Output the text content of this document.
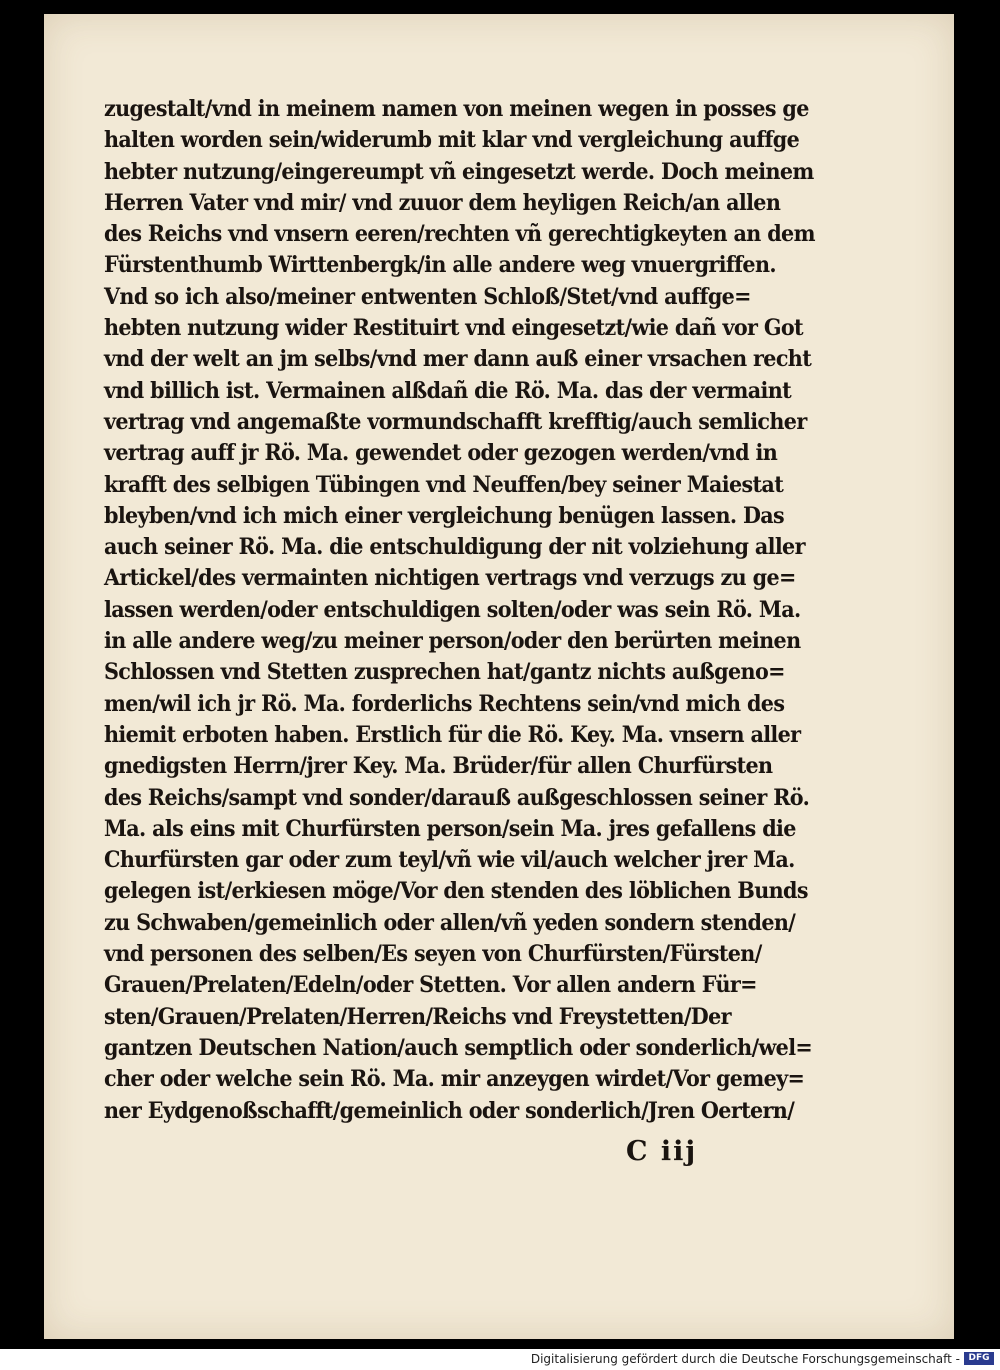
zugestalt/vnd in meinem namen von meinen wegen in posses ge
halten worden sein/widerumb mit klar vnd vergleichung auffge
hebter nutzung/eingereumpt vñ eingesetzt werde. Doch meinem
Herren Vater vnd mir/ vnd zuuor dem heyligen Reich/an allen
des Reichs vnd vnsern eeren/rechten vñ gerechtigkeyten an dem
Fürstenthumb Wirttenbergk/in alle andere weg vnuergriffen.
Vnd so ich also/meiner entwenten Schloß/Stet/vnd auffge=
hebten nutzung wider Restituirt vnd eingesetzt/wie dañ vor Got
vnd der welt an jm selbs/vnd mer dann auß einer vrsachen recht
vnd billich ist. Vermainen alßdañ die Rö. Ma. das der vermaint
vertrag vnd angemaßte vormundschafft krefftig/auch semlicher
vertrag auff jr Rö. Ma. gewendet oder gezogen werden/vnd in
krafft des selbigen Tübingen vnd Neuffen/bey seiner Maiestat
bleyben/vnd ich mich einer vergleichung benügen lassen. Das
auch seiner Rö. Ma. die entschuldigung der nit volziehung aller
Artickel/des vermainten nichtigen vertrags vnd verzugs zu ge=
lassen werden/oder entschuldigen solten/oder was sein Rö. Ma.
in alle andere weg/zu meiner person/oder den berürten meinen
Schlossen vnd Stetten zusprechen hat/gantz nichts außgeno=
men/wil ich jr Rö. Ma. forderlichs Rechtens sein/vnd mich des
hiemit erboten haben. Erstlich für die Rö. Key. Ma. vnsern aller
gnedigsten Herrn/jrer Key. Ma. Brüder/für allen Churfürsten
des Reichs/sampt vnd sonder/darauß außgeschlossen seiner Rö.
Ma. als eins mit Churfürsten person/sein Ma. jres gefallens die
Churfürsten gar oder zum teyl/vñ wie vil/auch welcher jrer Ma.
gelegen ist/erkiesen möge/Vor den stenden des löblichen Bunds
zu Schwaben/gemeinlich oder allen/vñ yeden sondern stenden/
vnd personen des selben/Es seyen von Churfürsten/Fürsten/
Grauen/Prelaten/Edeln/oder Stetten. Vor allen andern Für=
sten/Grauen/Prelaten/Herren/Reichs vnd Freystetten/Der
gantzen Deutschen Nation/auch semptlich oder sonderlich/wel=
cher oder welche sein Rö. Ma. mir anzeygen wirdet/Vor gemey=
ner Eydgenoßschafft/gemeinlich oder sonderlich/Jren Oertern/
C iij
Digitalisierung gefördert durch die Deutsche Forschungsgemeinschaft - DFG
